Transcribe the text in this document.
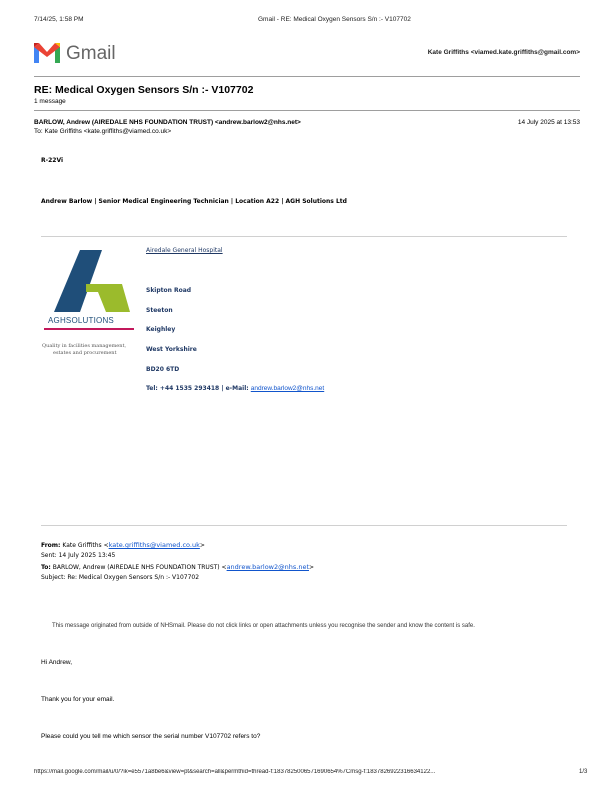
7/14/25, 1:58 PM	Gmail - RE: Medical Oxygen Sensors S/n :- V107702
Gmail	Kate Griffiths <viamed.kate.griffiths@gmail.com>
RE: Medical Oxygen Sensors S/n :- V107702
1 message
BARLOW, Andrew (AIREDALE NHS FOUNDATION TRUST) <andrew.barlow2@nhs.net>	14 July 2025 at 13:53
To: Kate Griffiths <kate.griffiths@viamed.co.uk>
R-22Vi
Andrew Barlow | Senior Medical Engineering Technician | Location A22 | AGH Solutions Ltd
AGHSOLUTIONS
Quality in facilities management,
estates and procurement
Airedale General Hospital
Skipton Road
Steeton
Keighley
West Yorkshire
BD20 6TD
Tel: +44 1535 293418 | e-Mail: andrew.barlow2@nhs.net
From: Kate Griffiths <kate.griffiths@viamed.co.uk>
Sent: 14 July 2025 13:45
To: BARLOW, Andrew (AIREDALE NHS FOUNDATION TRUST) <andrew.barlow2@nhs.net>
Subject: Re: Medical Oxygen Sensors S/n :- V107702
This message originated from outside of NHSmail. Please do not click links or open attachments unless you recognise the sender and know the content is safe.
Hi Andrew,
Thank you for your email.
Please could you tell me which sensor the serial number V107702 refers to?
https://mail.google.com/mail/u/0/?ik=e5571a8be6&view=pt&search=all&permthid=thread-f:1837825006571690654%7Cmsg-f:1837826922316634122...	1/3
